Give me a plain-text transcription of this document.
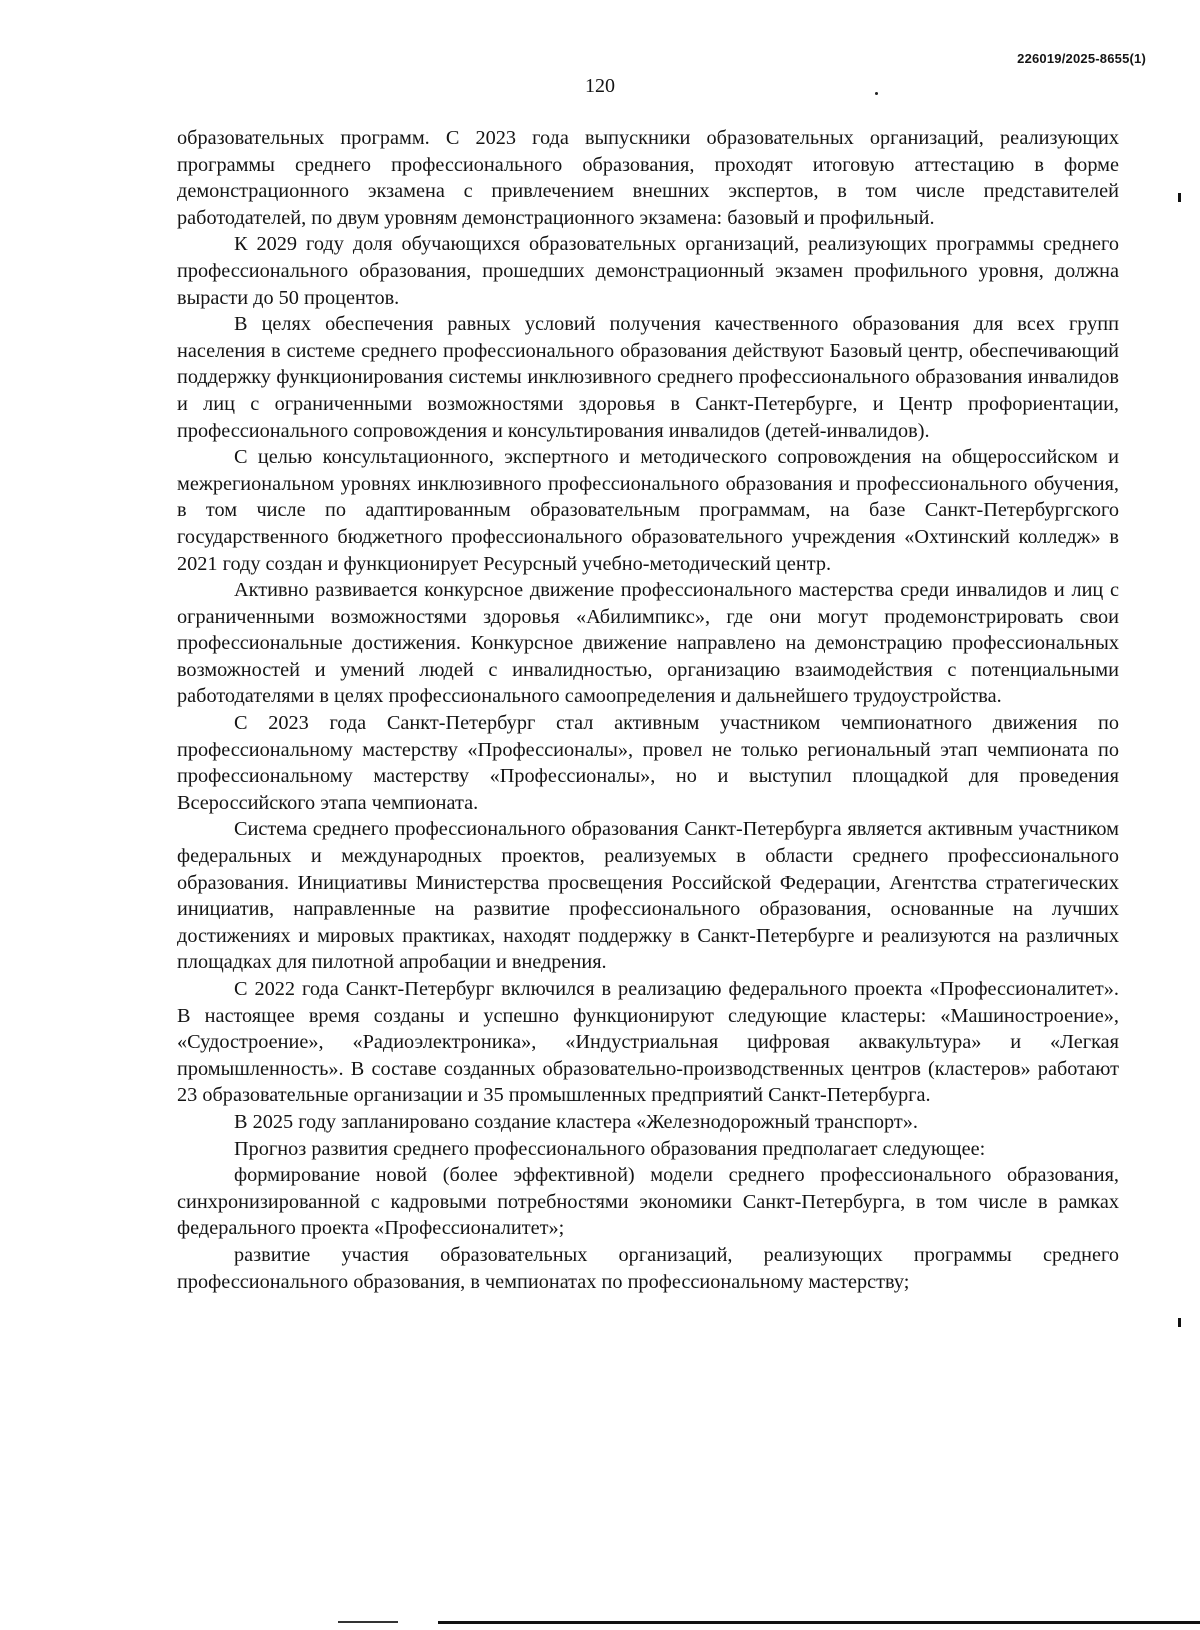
226019/2025-8655(1)
120

образовательных программ. С 2023 года выпускники образовательных организаций, реализующих программы среднего профессионального образования, проходят итоговую аттестацию в форме демонстрационного экзамена с привлечением внешних экспертов, в том числе представителей работодателей, по двум уровням демонстрационного экзамена: базовый и профильный.

К 2029 году доля обучающихся образовательных организаций, реализующих программы среднего профессионального образования, прошедших демонстрационный экзамен профильного уровня, должна вырасти до 50 процентов.

В целях обеспечения равных условий получения качественного образования для всех групп населения в системе среднего профессионального образования действуют Базовый центр, обеспечивающий поддержку функционирования системы инклюзивного среднего профессионального образования инвалидов и лиц с ограниченными возможностями здоровья в Санкт-Петербурге, и Центр профориентации, профессионального сопровождения и консультирования инвалидов (детей-инвалидов).

С целью консультационного, экспертного и методического сопровождения на общероссийском и межрегиональном уровнях инклюзивного профессионального образования и профессионального обучения, в том числе по адаптированным образовательным программам, на базе Санкт-Петербургского государственного бюджетного профессионального образовательного учреждения «Охтинский колледж» в 2021 году создан и функционирует Ресурсный учебно-методический центр.

Активно развивается конкурсное движение профессионального мастерства среди инвалидов и лиц с ограниченными возможностями здоровья «Абилимпикс», где они могут продемонстрировать свои профессиональные достижения. Конкурсное движение направлено на демонстрацию профессиональных возможностей и умений людей с инвалидностью, организацию взаимодействия с потенциальными работодателями в целях профессионального самоопределения и дальнейшего трудоустройства.

С 2023 года Санкт-Петербург стал активным участником чемпионатного движения по профессиональному мастерству «Профессионалы», провел не только региональный этап чемпионата по профессиональному мастерству «Профессионалы», но и выступил площадкой для проведения Всероссийского этапа чемпионата.

Система среднего профессионального образования Санкт-Петербурга является активным участником федеральных и международных проектов, реализуемых в области среднего профессионального образования. Инициативы Министерства просвещения Российской Федерации, Агентства стратегических инициатив, направленные на развитие профессионального образования, основанные на лучших достижениях и мировых практиках, находят поддержку в Санкт-Петербурге и реализуются на различных площадках для пилотной апробации и внедрения.

С 2022 года Санкт-Петербург включился в реализацию федерального проекта «Профессионалитет». В настоящее время созданы и успешно функционируют следующие кластеры: «Машиностроение», «Судостроение», «Радиоэлектроника», «Индустриальная цифровая аквакультура» и «Легкая промышленность». В составе созданных образовательно-производственных центров (кластеров» работают 23 образовательные организации и 35 промышленных предприятий Санкт-Петербурга.

В 2025 году запланировано создание кластера «Железнодорожный транспорт».

Прогноз развития среднего профессионального образования предполагает следующее:

формирование новой (более эффективной) модели среднего профессионального образования, синхронизированной с кадровыми потребностями экономики Санкт-Петербурга, в том числе в рамках федерального проекта «Профессионалитет»;

развитие участия образовательных организаций, реализующих программы среднего профессионального образования, в чемпионатах по профессиональному мастерству;
